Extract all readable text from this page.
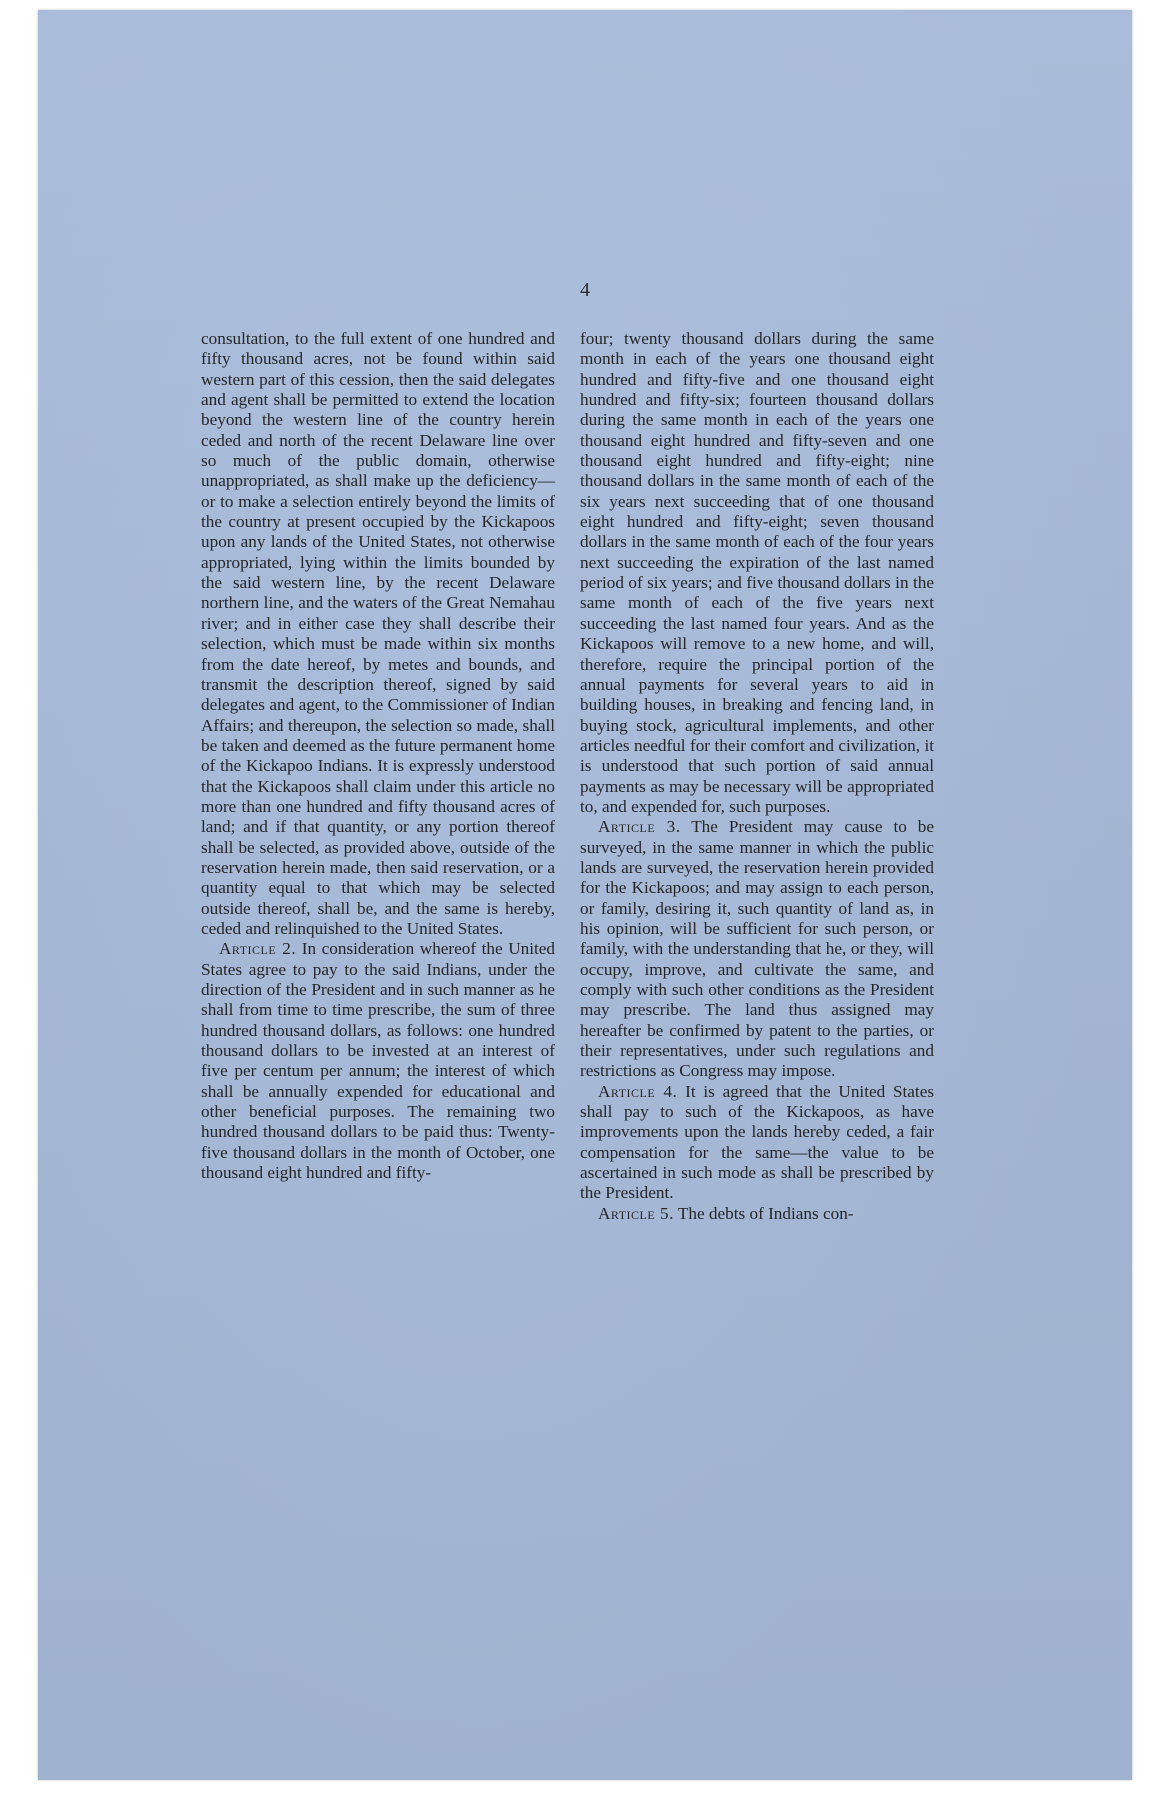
4

consultation, to the full extent of one hundred and fifty thousand acres, not be found within said western part of this cession, then the said delegates and agent shall be permitted to extend the location beyond the western line of the country herein ceded and north of the recent Delaware line over so much of the public domain, otherwise unappropriated, as shall make up the deficiency—or to make a selection entirely beyond the limits of the country at present occupied by the Kickapoos upon any lands of the United States, not otherwise appropriated, lying within the limits bounded by the said western line, by the recent Delaware northern line, and the waters of the Great Nemahau river; and in either case they shall describe their selection, which must be made within six months from the date hereof, by metes and bounds, and transmit the description thereof, signed by said delegates and agent, to the Commissioner of Indian Affairs; and thereupon, the selection so made, shall be taken and deemed as the future permanent home of the Kickapoo Indians. It is expressly understood that the Kickapoos shall claim under this article no more than one hundred and fifty thousand acres of land; and if that quantity, or any portion thereof shall be selected, as provided above, outside of the reservation herein made, then said reservation, or a quantity equal to that which may be selected outside thereof, shall be, and the same is hereby, ceded and relinquished to the United States.

Article 2. In consideration whereof the United States agree to pay to the said Indians, under the direction of the President and in such manner as he shall from time to time prescribe, the sum of three hundred thousand dollars, as follows: one hundred thousand dollars to be invested at an interest of five per centum per annum; the interest of which shall be annually expended for educational and other beneficial purposes. The remaining two hundred thousand dollars to be paid thus: Twenty-five thousand dollars in the month of October, one thousand eight hundred and fifty-

four; twenty thousand dollars during the same month in each of the years one thousand eight hundred and fifty-five and one thousand eight hundred and fifty-six; fourteen thousand dollars during the same month in each of the years one thousand eight hundred and fifty-seven and one thousand eight hundred and fifty-eight; nine thousand dollars in the same month of each of the six years next succeeding that of one thousand eight hundred and fifty-eight; seven thousand dollars in the same month of each of the four years next succeeding the expiration of the last named period of six years; and five thousand dollars in the same month of each of the five years next succeeding the last named four years. And as the Kickapoos will remove to a new home, and will, therefore, require the principal portion of the annual payments for several years to aid in building houses, in breaking and fencing land, in buying stock, agricultural implements, and other articles needful for their comfort and civilization, it is understood that such portion of said annual payments as may be necessary will be appropriated to, and expended for, such purposes.

Article 3. The President may cause to be surveyed, in the same manner in which the public lands are surveyed, the reservation herein provided for the Kickapoos; and may assign to each person, or family, desiring it, such quantity of land as, in his opinion, will be sufficient for such person, or family, with the understanding that he, or they, will occupy, improve, and cultivate the same, and comply with such other conditions as the President may prescribe. The land thus assigned may hereafter be confirmed by patent to the parties, or their representatives, under such regulations and restrictions as Congress may impose.

Article 4. It is agreed that the United States shall pay to such of the Kickapoos, as have improvements upon the lands hereby ceded, a fair compensation for the same—the value to be ascertained in such mode as shall be prescribed by the President.

Article 5. The debts of Indians con-
